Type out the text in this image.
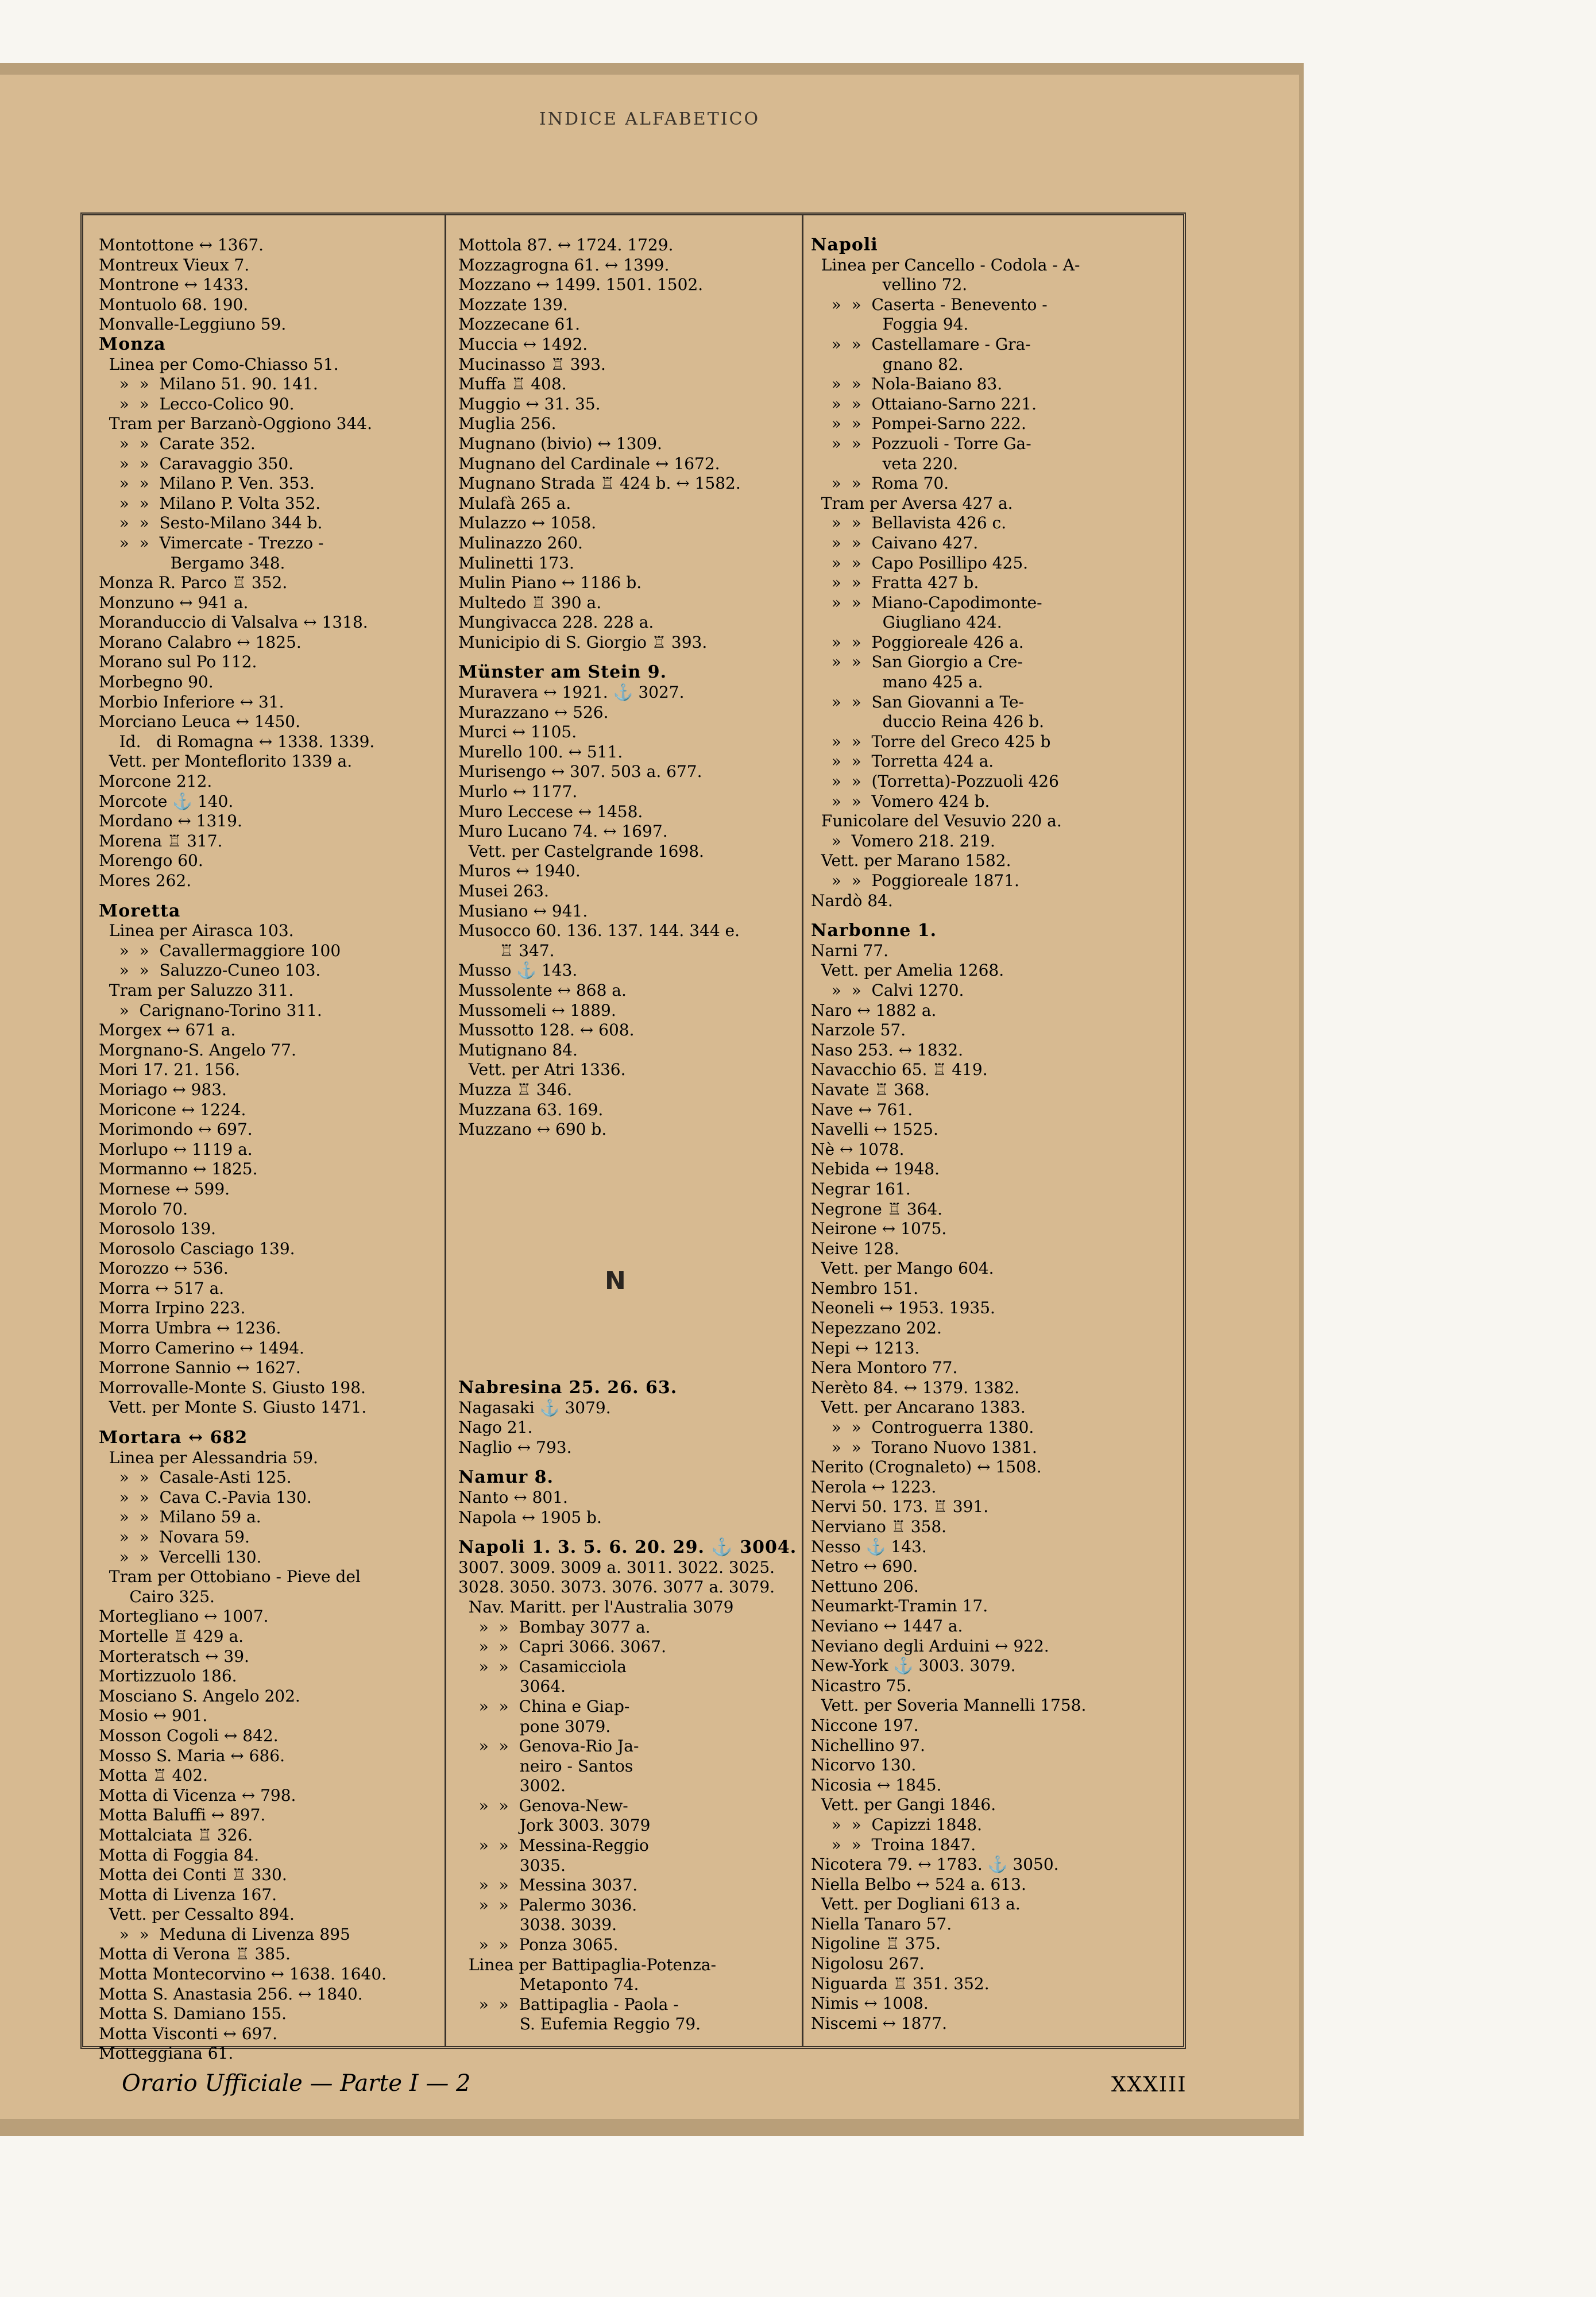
INDICE ALFABETICO
Montottone ↔ 1367.
Montreux Vieux 7.
Montrone ↔ 1433.
Montuolo 68. 190.
Monvalle-Leggiuno 59.
Monza
Linea per Como-Chiasso 51.
»  »  Milano 51. 90. 141.
»  »  Lecco-Colico 90.
Tram per Barzanò-Oggiono 344.
»  »  Carate 352.
»  »  Caravaggio 350.
»  »  Milano P. Ven. 353.
»  »  Milano P. Volta 352.
»  »  Sesto-Milano 344 b.
»  »  Vimercate - Trezzo -
Bergamo 348.
Monza R. Parco ♖ 352.
Monzuno ↔ 941 a.
Moranduccio di Valsalva ↔ 1318.
Morano Calabro ↔ 1825.
Morano sul Po 112.
Morbegno 90.
Morbio Inferiore ↔ 31.
Morciano Leuca ↔ 1450.
Id.   di Romagna ↔ 1338. 1339.
Vett. per Monteflorito 1339 a.
Morcone 212.
Morcote ⚓ 140.
Mordano ↔ 1319.
Morena ♖ 317.
Morengo 60.
Mores 262.
Moretta
Linea per Airasca 103.
»  »  Cavallermaggiore 100
»  »  Saluzzo-Cuneo 103.
Tram per Saluzzo 311.
»  Carignano-Torino 311.
Morgex ↔ 671 a.
Morgnano-S. Angelo 77.
Mori 17. 21. 156.
Moriago ↔ 983.
Moricone ↔ 1224.
Morimondo ↔ 697.
Morlupo ↔ 1119 a.
Mormanno ↔ 1825.
Mornese ↔ 599.
Morolo 70.
Morosolo 139.
Morosolo Casciago 139.
Morozzo ↔ 536.
Morra ↔ 517 a.
Morra Irpino 223.
Morra Umbra ↔ 1236.
Morro Camerino ↔ 1494.
Morrone Sannio ↔ 1627.
Morrovalle-Monte S. Giusto 198.
Vett. per Monte S. Giusto 1471.
Mortara ↔ 682
Linea per Alessandria 59.
»  »  Casale-Asti 125.
»  »  Cava C.-Pavia 130.
»  »  Milano 59 a.
»  »  Novara 59.
»  »  Vercelli 130.
Tram per Ottobiano - Pieve del
Cairo 325.
Mortegliano ↔ 1007.
Mortelle ♖ 429 a.
Morteratsch ↔ 39.
Mortizzuolo 186.
Mosciano S. Angelo 202.
Mosio ↔ 901.
Mosson Cogoli ↔ 842.
Mosso S. Maria ↔ 686.
Motta ♖ 402.
Motta di Vicenza ↔ 798.
Motta Baluffi ↔ 897.
Mottalciata ♖ 326.
Motta di Foggia 84.
Motta dei Conti ♖ 330.
Motta di Livenza 167.
Vett. per Cessalto 894.
»  »  Meduna di Livenza 895
Motta di Verona ♖ 385.
Motta Montecorvino ↔ 1638. 1640.
Motta S. Anastasia 256. ↔ 1840.
Motta S. Damiano 155.
Motta Visconti ↔ 697.
Motteggiana 61.
Mottola 87. ↔ 1724. 1729.
Mozzagrogna 61. ↔ 1399.
Mozzano ↔ 1499. 1501. 1502.
Mozzate 139.
Mozzecane 61.
Muccia ↔ 1492.
Mucinasso ♖ 393.
Muffa ♖ 408.
Muggio ↔ 31. 35.
Muglia 256.
Mugnano (bivio) ↔ 1309.
Mugnano del Cardinale ↔ 1672.
Mugnano Strada ♖ 424 b. ↔ 1582.
Mulafà 265 a.
Mulazzo ↔ 1058.
Mulinazzo 260.
Mulinetti 173.
Mulin Piano ↔ 1186 b.
Multedo ♖ 390 a.
Mungivacca 228. 228 a.
Municipio di S. Giorgio ♖ 393.
Münster am Stein 9.
Muravera ↔ 1921. ⚓ 3027.
Murazzano ↔ 526.
Murci ↔ 1105.
Murello 100. ↔ 511.
Murisengo ↔ 307. 503 a. 677.
Murlo ↔ 1177.
Muro Leccese ↔ 1458.
Muro Lucano 74. ↔ 1697.
Vett. per Castelgrande 1698.
Muros ↔ 1940.
Musei 263.
Musiano ↔ 941.
Musocco 60. 136. 137. 144. 344 e.
♖ 347.
Musso ⚓ 143.
Mussolente ↔ 868 a.
Mussomeli ↔ 1889.
Mussotto 128. ↔ 608.
Mutignano 84.
Vett. per Atri 1336.
Muzza ♖ 346.
Muzzana 63. 169.
Muzzano ↔ 690 b.
Nabresina 25. 26. 63.
Nagasaki ⚓ 3079.
Nago 21.
Naglio ↔ 793.
Namur 8.
Nanto ↔ 801.
Napola ↔ 1905 b.
Napoli 1. 3. 5. 6. 20. 29. ⚓ 3004.
3007. 3009. 3009 a. 3011. 3022. 3025.
3028. 3050. 3073. 3076. 3077 a. 3079.
Nav. Maritt. per l'Australia 3079
»  »  Bombay 3077 a.
»  »  Capri 3066. 3067.
»  »  Casamicciola
3064.
»  »  China e Giap-
pone 3079.
»  »  Genova-Rio Ja-
neiro - Santos
3002.
»  »  Genova-New-
Jork 3003. 3079
»  »  Messina-Reggio
3035.
»  »  Messina 3037.
»  »  Palermo 3036.
3038. 3039.
»  »  Ponza 3065.
Linea per Battipaglia-Potenza-
Metaponto 74.
»  »  Battipaglia - Paola -
S. Eufemia Reggio 79.
Napoli
Linea per Cancello - Codola - A-
vellino 72.
»  »  Caserta - Benevento -
Foggia 94.
»  »  Castellamare - Gra-
gnano 82.
»  »  Nola-Baiano 83.
»  »  Ottaiano-Sarno 221.
»  »  Pompei-Sarno 222.
»  »  Pozzuoli - Torre Ga-
veta 220.
»  »  Roma 70.
Tram per Aversa 427 a.
»  »  Bellavista 426 c.
»  »  Caivano 427.
»  »  Capo Posillipo 425.
»  »  Fratta 427 b.
»  »  Miano-Capodimonte-
Giugliano 424.
»  »  Poggioreale 426 a.
»  »  San Giorgio a Cre-
mano 425 a.
»  »  San Giovanni a Te-
duccio Reina 426 b.
»  »  Torre del Greco 425 b
»  »  Torretta 424 a.
»  »  (Torretta)-Pozzuoli 426
»  »  Vomero 424 b.
Funicolare del Vesuvio 220 a.
»  Vomero 218. 219.
Vett. per Marano 1582.
»  »  Poggioreale 1871.
Nardò 84.
Narbonne 1.
Narni 77.
Vett. per Amelia 1268.
»  »  Calvi 1270.
Naro ↔ 1882 a.
Narzole 57.
Naso 253. ↔ 1832.
Navacchio 65. ♖ 419.
Navate ♖ 368.
Nave ↔ 761.
Navelli ↔ 1525.
Nè ↔ 1078.
Nebida ↔ 1948.
Negrar 161.
Negrone ♖ 364.
Neirone ↔ 1075.
Neive 128.
Vett. per Mango 604.
Nembro 151.
Neoneli ↔ 1953. 1935.
Nepezzano 202.
Nepi ↔ 1213.
Nera Montoro 77.
Nerèto 84. ↔ 1379. 1382.
Vett. per Ancarano 1383.
»  »  Controguerra 1380.
»  »  Torano Nuovo 1381.
Nerito (Crognaleto) ↔ 1508.
Nerola ↔ 1223.
Nervi 50. 173. ♖ 391.
Nerviano ♖ 358.
Nesso ⚓ 143.
Netro ↔ 690.
Nettuno 206.
Neumarkt-Tramin 17.
Neviano ↔ 1447 a.
Neviano degli Arduini ↔ 922.
New-York ⚓ 3003. 3079.
Nicastro 75.
Vett. per Soveria Mannelli 1758.
Niccone 197.
Nichellino 97.
Nicorvo 130.
Nicosia ↔ 1845.
Vett. per Gangi 1846.
»  »  Capizzi 1848.
»  »  Troina 1847.
Nicotera 79. ↔ 1783. ⚓ 3050.
Niella Belbo ↔ 524 a. 613.
Vett. per Dogliani 613 a.
Niella Tanaro 57.
Nigoline ♖ 375.
Nigolosu 267.
Niguarda ♖ 351. 352.
Nimis ↔ 1008.
Niscemi ↔ 1877.
N
Orario Ufficiale — Parte I — 2	XXXIII
